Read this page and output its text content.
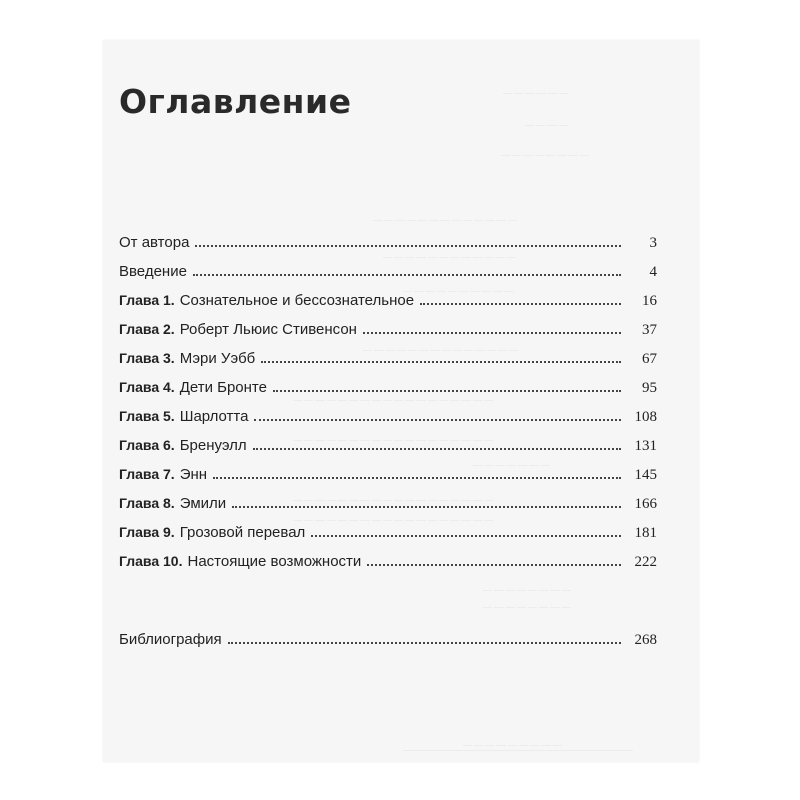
Оглавление	— — — — — —
— — — —
— — — — — — — —
— — — — — — — — — — — — —
— — — — — — — — — — — —
— — — — — — — — — —
— — — — — — — — — — — — — —
— — — — — — — — — — — — — — — — — —
— — — — — — — — — — — — — — — — — —
— — — — — — —
— — — — — — — — — — — — — — — — — —
— — — — — — — — — — — — — — — — — —
— — — — — — — —
— — — — — — — —
— — — — — — — — —
От автора	3
Введение	4
Глава 1. Сознательное и бессознательное	16
Глава 2. Роберт Льюис Стивенсон	37
Глава 3. Мэри Уэбб	67
Глава 4. Дети Бронте	95
Глава 5. Шарлотта	108
Глава 6. Бренуэлл	131
Глава 7. Энн	145
Глава 8. Эмили	166
Глава 9. Грозовой перевал	181
Глава 10. Настоящие возможности	222
Библиография	268
